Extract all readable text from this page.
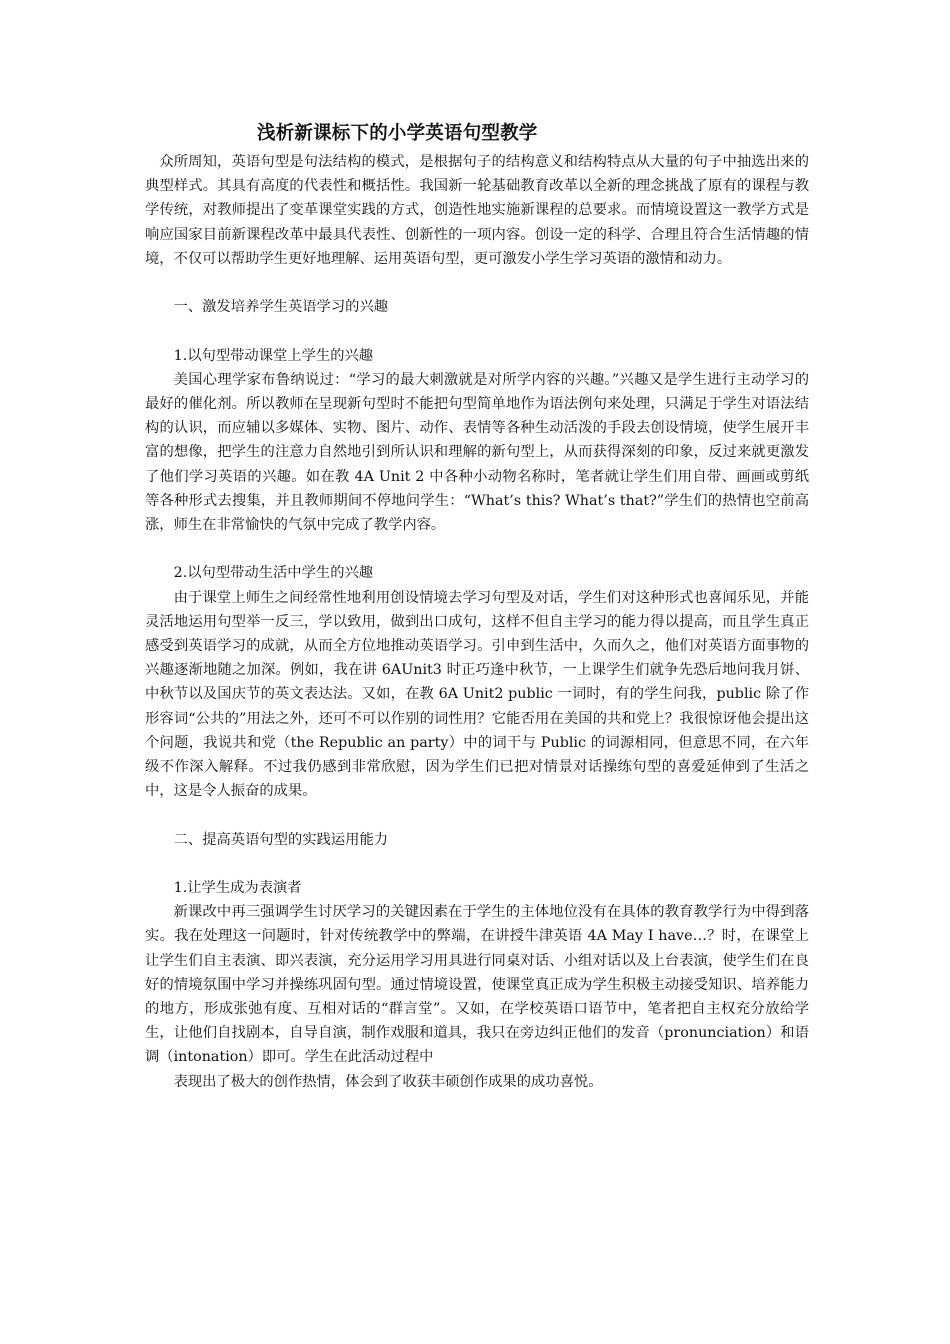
浅析新课标下的小学英语句型教学

众所周知，英语句型是句法结构的模式，是根据句子的结构意义和结构特点从大量的句子中抽选出来的典型样式。其具有高度的代表性和概括性。我国新一轮基础教育改革以全新的理念挑战了原有的课程与教学传统，对教师提出了变革课堂实践的方式，创造性地实施新课程的总要求。而情境设置这一教学方式是响应国家目前新课程改革中最具代表性、创新性的一项内容。创设一定的科学、合理且符合生活情趣的情境，不仅可以帮助学生更好地理解、运用英语句型，更可激发小学生学习英语的激情和动力。

一、激发培养学生英语学习的兴趣

1.以句型带动课堂上学生的兴趣

美国心理学家布鲁纳说过：“学习的最大刺激就是对所学内容的兴趣。”兴趣又是学生进行主动学习的最好的催化剂。所以教师在呈现新句型时不能把句型简单地作为语法例句来处理，只满足于学生对语法结构的认识，而应辅以多媒体、实物、图片、动作、表情等各种生动活泼的手段去创设情境，使学生展开丰富的想像，把学生的注意力自然地引到所认识和理解的新句型上，从而获得深刻的印象，反过来就更激发了他们学习英语的兴趣。如在教 4A Unit 2 中各种小动物名称时，笔者就让学生们用自带、画画或剪纸等各种形式去搜集，并且教师期间不停地问学生：“What’s this? What’s that?”学生们的热情也空前高涨，师生在非常愉快的气氛中完成了教学内容。

2.以句型带动生活中学生的兴趣

由于课堂上师生之间经常性地利用创设情境去学习句型及对话，学生们对这种形式也喜闻乐见，并能灵活地运用句型举一反三，学以致用，做到出口成句，这样不但自主学习的能力得以提高，而且学生真正感受到英语学习的成就，从而全方位地推动英语学习。引申到生活中，久而久之，他们对英语方面事物的兴趣逐渐地随之加深。例如，我在讲 6AUnit3 时正巧逢中秋节，一上课学生们就争先恐后地问我月饼、中秋节以及国庆节的英文表达法。又如，在教 6A Unit2 public 一词时，有的学生问我，public 除了作形容词“公共的”用法之外，还可不可以作别的词性用？它能否用在美国的共和党上？我很惊讶他会提出这个问题，我说共和党（the Republic an party）中的词干与 Public 的词源相同，但意思不同，在六年级不作深入解释。不过我仍感到非常欣慰，因为学生们已把对情景对话操练句型的喜爱延伸到了生活之中，这是令人振奋的成果。

二、提高英语句型的实践运用能力

1.让学生成为表演者

新课改中再三强调学生讨厌学习的关键因素在于学生的主体地位没有在具体的教育教学行为中得到落实。我在处理这一问题时，针对传统教学中的弊端，在讲授牛津英语 4A May I have…？时，在课堂上让学生们自主表演、即兴表演，充分运用学习用具进行同桌对话、小组对话以及上台表演，使学生们在良好的情境氛围中学习并操练巩固句型。通过情境设置，使课堂真正成为学生积极主动接受知识、培养能力的地方，形成张弛有度、互相对话的“群言堂”。又如，在学校英语口语节中，笔者把自主权充分放给学生，让他们自找剧本，自导自演，制作戏服和道具，我只在旁边纠正他们的发音（pronunciation）和语调（intonation）即可。学生在此活动过程中

表现出了极大的创作热情，体会到了收获丰硕创作成果的成功喜悦。
